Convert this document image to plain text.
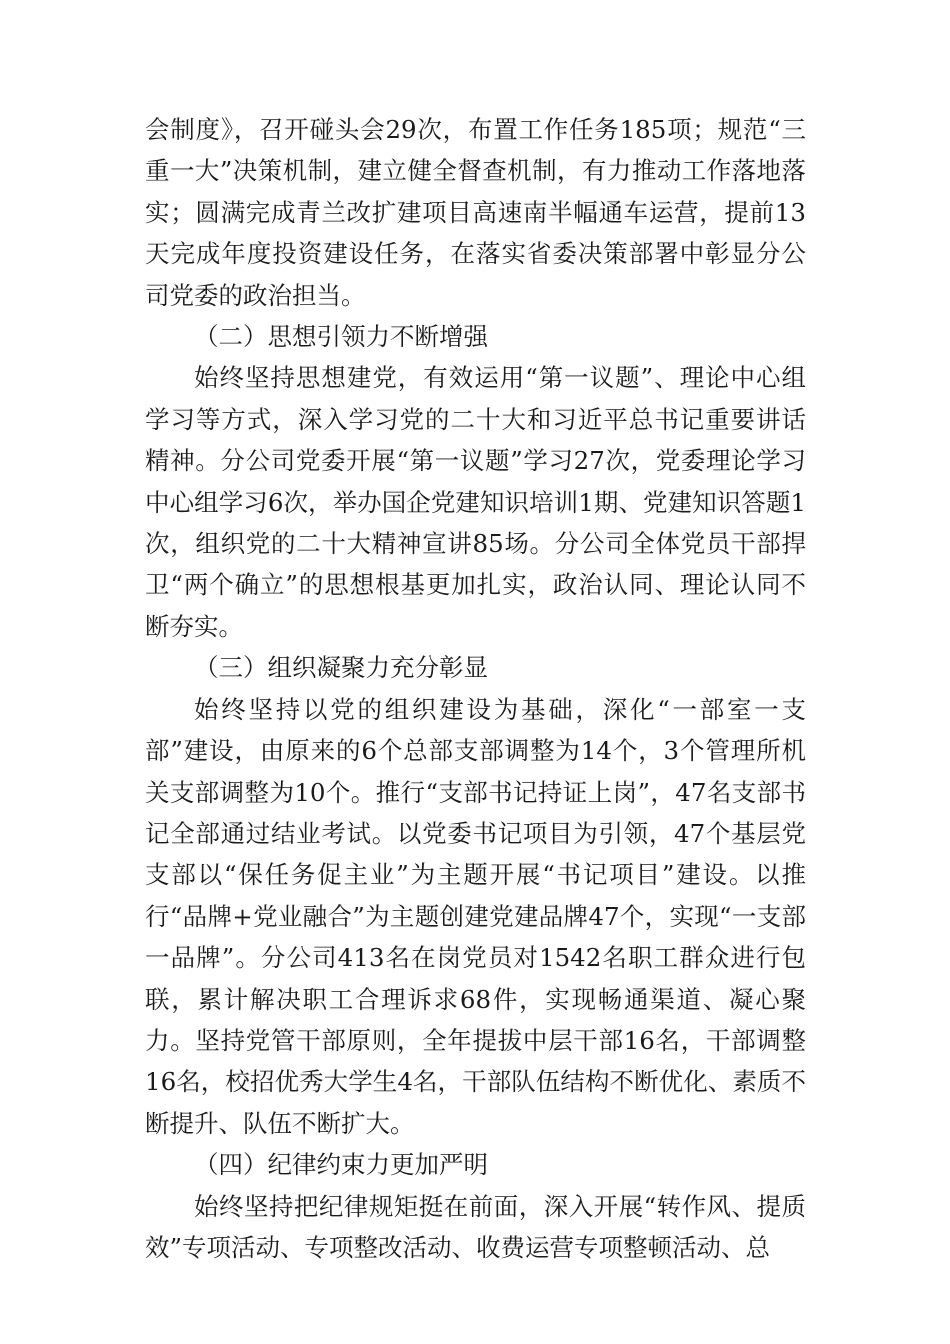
会制度》，召开碰头会29次，布置工作任务185项；规范“三重一大”决策机制，建立健全督查机制，有力推动工作落地落实；圆满完成青兰改扩建项目高速南半幅通车运营，提前13天完成年度投资建设任务，在落实省委决策部署中彰显分公司党委的政治担当。

（二）思想引领力不断增强

始终坚持思想建党，有效运用“第一议题”、理论中心组学习等方式，深入学习党的二十大和习近平总书记重要讲话精神。分公司党委开展“第一议题”学习27次，党委理论学习中心组学习6次，举办国企党建知识培训1期、党建知识答题1次，组织党的二十大精神宣讲85场。分公司全体党员干部捍卫“两个确立”的思想根基更加扎实，政治认同、理论认同不断夯实。

（三）组织凝聚力充分彰显

始终坚持以党的组织建设为基础，深化“一部室一支部”建设，由原来的6个总部支部调整为14个，3个管理所机关支部调整为10个。推行“支部书记持证上岗”，47名支部书记全部通过结业考试。以党委书记项目为引领，47个基层党支部以“保任务促主业”为主题开展“书记项目”建设。以推行“品牌+党业融合”为主题创建党建品牌47个，实现“一支部一品牌”。分公司413名在岗党员对1542名职工群众进行包联，累计解决职工合理诉求68件，实现畅通渠道、凝心聚力。坚持党管干部原则，全年提拔中层干部16名，干部调整16名，校招优秀大学生4名，干部队伍结构不断优化、素质不断提升、队伍不断扩大。

（四）纪律约束力更加严明

始终坚持把纪律规矩挺在前面，深入开展“转作风、提质效”专项活动、专项整改活动、收费运营专项整顿活动、总
